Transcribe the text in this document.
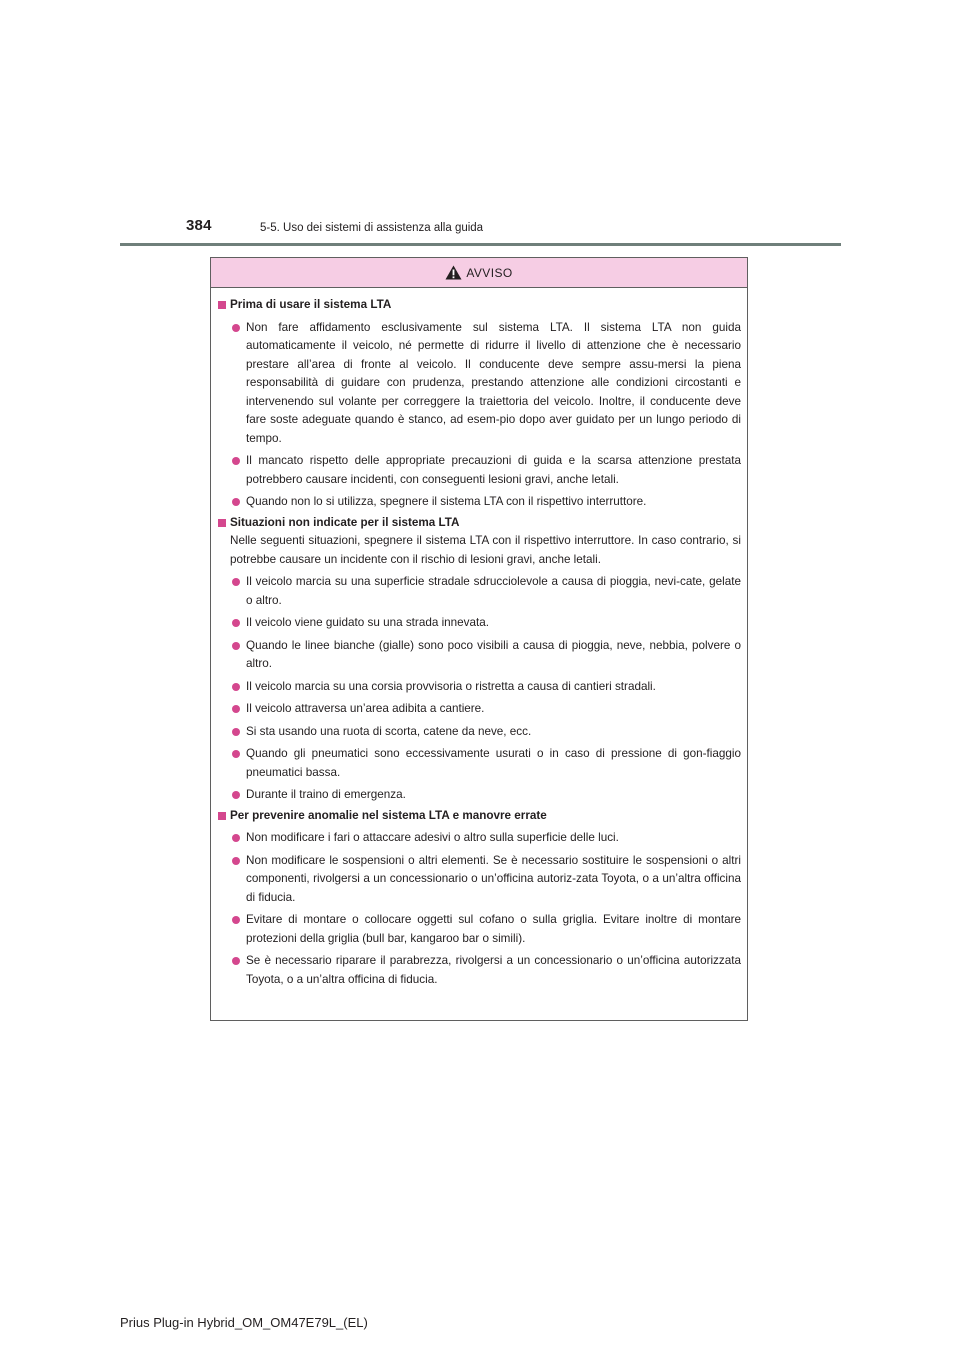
384	5-5. Uso dei sistemi di assistenza alla guida
AVVISO
Prima di usare il sistema LTA
Non fare affidamento esclusivamente sul sistema LTA. Il sistema LTA non guida automaticamente il veicolo, né permette di ridurre il livello di attenzione che è necessario prestare all’area di fronte al veicolo. Il conducente deve sempre assu-mersi la piena responsabilità di guidare con prudenza, prestando attenzione alle condizioni circostanti e intervenendo sul volante per correggere la traiettoria del veicolo. Inoltre, il conducente deve fare soste adeguate quando è stanco, ad esem-pio dopo aver guidato per un lungo periodo di tempo.
Il mancato rispetto delle appropriate precauzioni di guida e la scarsa attenzione prestata potrebbero causare incidenti, con conseguenti lesioni gravi, anche letali.
Quando non lo si utilizza, spegnere il sistema LTA con il rispettivo interruttore.
Situazioni non indicate per il sistema LTA

Nelle seguenti situazioni, spegnere il sistema LTA con il rispettivo interruttore. In caso contrario, si potrebbe causare un incidente con il rischio di lesioni gravi, anche letali.

Il veicolo marcia su una superficie stradale sdrucciolevole a causa di pioggia, nevi-cate, gelate o altro.
Il veicolo viene guidato su una strada innevata.
Quando le linee bianche (gialle) sono poco visibili a causa di pioggia, neve, nebbia, polvere o altro.
Il veicolo marcia su una corsia provvisoria o ristretta a causa di cantieri stradali.
Il veicolo attraversa un’area adibita a cantiere.
Si sta usando una ruota di scorta, catene da neve, ecc.
Quando gli pneumatici sono eccessivamente usurati o in caso di pressione di gon-fiaggio pneumatici bassa.
Durante il traino di emergenza.
Per prevenire anomalie nel sistema LTA e manovre errate
Non modificare i fari o attaccare adesivi o altro sulla superficie delle luci.
Non modificare le sospensioni o altri elementi. Se è necessario sostituire le sospensioni o altri componenti, rivolgersi a un concessionario o un’officina autoriz-zata Toyota, o a un’altra officina di fiducia.
Evitare di montare o collocare oggetti sul cofano o sulla griglia. Evitare inoltre di montare protezioni della griglia (bull bar, kangaroo bar o simili).
Se è necessario riparare il parabrezza, rivolgersi a un concessionario o un’officina autorizzata Toyota, o a un’altra officina di fiducia.
Prius Plug-in Hybrid_OM_OM47E79L_(EL)
